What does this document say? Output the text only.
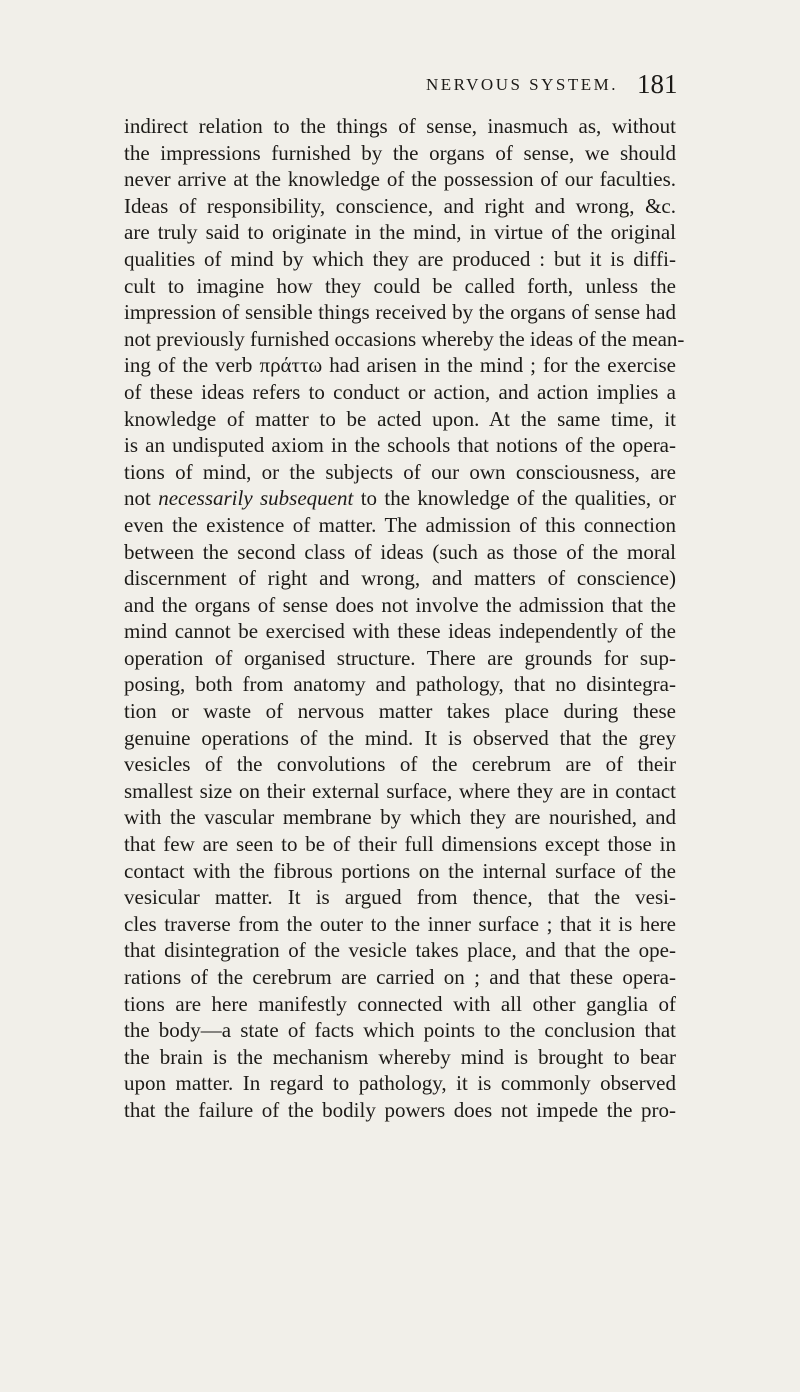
NERVOUS SYSTEM. 181
indirect relation to the things of sense, inasmuch as, without
the impressions furnished by the organs of sense, we should
never arrive at the knowledge of the possession of our faculties.
Ideas of responsibility, conscience, and right and wrong, &c.
are truly said to originate in the mind, in virtue of the original
qualities of mind by which they are produced : but it is diffi-
cult to imagine how they could be called forth, unless the
impression of sensible things received by the organs of sense had
not previously furnished occasions whereby the ideas of the mean-
ing of the verb πράττω had arisen in the mind ; for the exercise
of these ideas refers to conduct or action, and action implies a
knowledge of matter to be acted upon. At the same time, it
is an undisputed axiom in the schools that notions of the opera-
tions of mind, or the subjects of our own consciousness, are
not necessarily subsequent to the knowledge of the qualities, or
even the existence of matter. The admission of this connection
between the second class of ideas (such as those of the moral
discernment of right and wrong, and matters of conscience)
and the organs of sense does not involve the admission that the
mind cannot be exercised with these ideas independently of the
operation of organised structure. There are grounds for sup-
posing, both from anatomy and pathology, that no disintegra-
tion or waste of nervous matter takes place during these
genuine operations of the mind. It is observed that the grey
vesicles of the convolutions of the cerebrum are of their
smallest size on their external surface, where they are in contact
with the vascular membrane by which they are nourished, and
that few are seen to be of their full dimensions except those in
contact with the fibrous portions on the internal surface of the
vesicular matter. It is argued from thence, that the vesi-
cles traverse from the outer to the inner surface ; that it is here
that disintegration of the vesicle takes place, and that the ope-
rations of the cerebrum are carried on ; and that these opera-
tions are here manifestly connected with all other ganglia of
the body—a state of facts which points to the conclusion that
the brain is the mechanism whereby mind is brought to bear
upon matter. In regard to pathology, it is commonly observed
that the failure of the bodily powers does not impede the pro-
